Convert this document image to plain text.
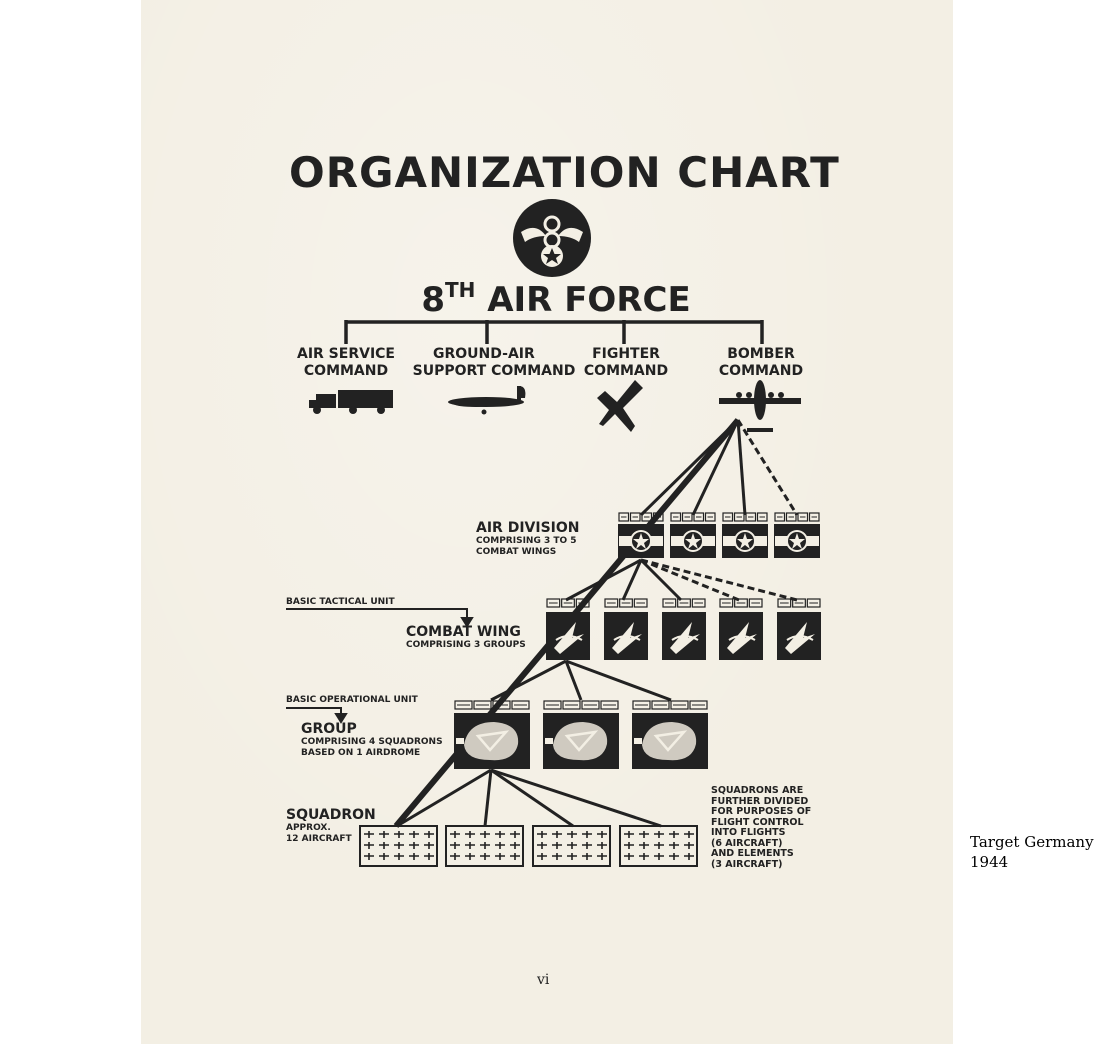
ORGANIZATION CHART
8TH AIR FORCE
AIR SERVICE
COMMAND
GROUND-AIR
SUPPORT COMMAND
FIGHTER
COMMAND
BOMBER
COMMAND
AIR DIVISION
COMPRISING 3 TO 5
COMBAT WINGS
BASIC TACTICAL UNIT
COMBAT WING
COMPRISING 3 GROUPS
BASIC OPERATIONAL UNIT
GROUP
COMPRISING 4 SQUADRONS
BASED ON 1 AIRDROME
SQUADRON
APPROX.
12 AIRCRAFT
SQUADRONS ARE
FURTHER DIVIDED
FOR PURPOSES OF
FLIGHT CONTROL
INTO FLIGHTS
(6 AIRCRAFT)
AND ELEMENTS
(3 AIRCRAFT)
vi
Target Germany
1944
